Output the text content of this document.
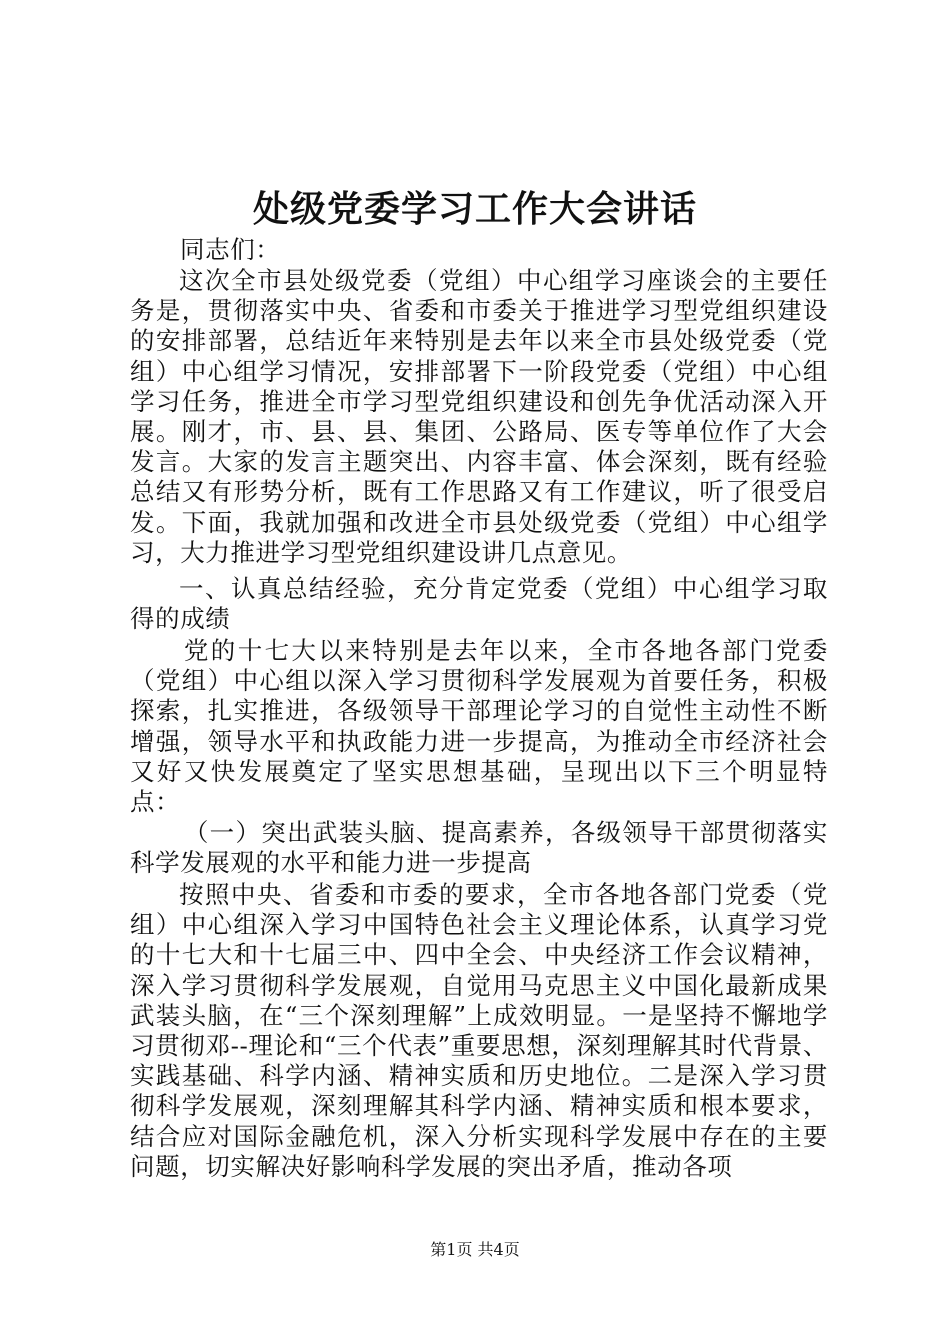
处级党委学习工作大会讲话

同志们：

这次全市县处级党委（党组）中心组学习座谈会的主要任务是，贯彻落实中央、省委和市委关于推进学习型党组织建设的安排部署，总结近年来特别是去年以来全市县处级党委（党组）中心组学习情况，安排部署下一阶段党委（党组）中心组学习任务，推进全市学习型党组织建设和创先争优活动深入开展。刚才，市、县、县、集团、公路局、医专等单位作了大会发言。大家的发言主题突出、内容丰富、体会深刻，既有经验总结又有形势分析，既有工作思路又有工作建议，听了很受启发。下面，我就加强和改进全市县处级党委（党组）中心组学习，大力推进学习型党组织建设讲几点意见。

一、认真总结经验，充分肯定党委（党组）中心组学习取得的成绩

党的十七大以来特别是去年以来，全市各地各部门党委（党组）中心组以深入学习贯彻科学发展观为首要任务，积极探索，扎实推进，各级领导干部理论学习的自觉性主动性不断增强，领导水平和执政能力进一步提高，为推动全市经济社会又好又快发展奠定了坚实思想基础，呈现出以下三个明显特点：

（一）突出武装头脑、提高素养，各级领导干部贯彻落实科学发展观的水平和能力进一步提高

按照中央、省委和市委的要求，全市各地各部门党委（党组）中心组深入学习中国特色社会主义理论体系，认真学习党的十七大和十七届三中、四中全会、中央经济工作会议精神，深入学习贯彻科学发展观，自觉用马克思主义中国化最新成果武装头脑，在“三个深刻理解”上成效明显。一是坚持不懈地学习贯彻邓--理论和“三个代表”重要思想，深刻理解其时代背景、实践基础、科学内涵、精神实质和历史地位。二是深入学习贯彻科学发展观，深刻理解其科学内涵、精神实质和根本要求，结合应对国际金融危机，深入分析实现科学发展中存在的主要问题，切实解决好影响科学发展的突出矛盾，推动各项

第1页 共4页
